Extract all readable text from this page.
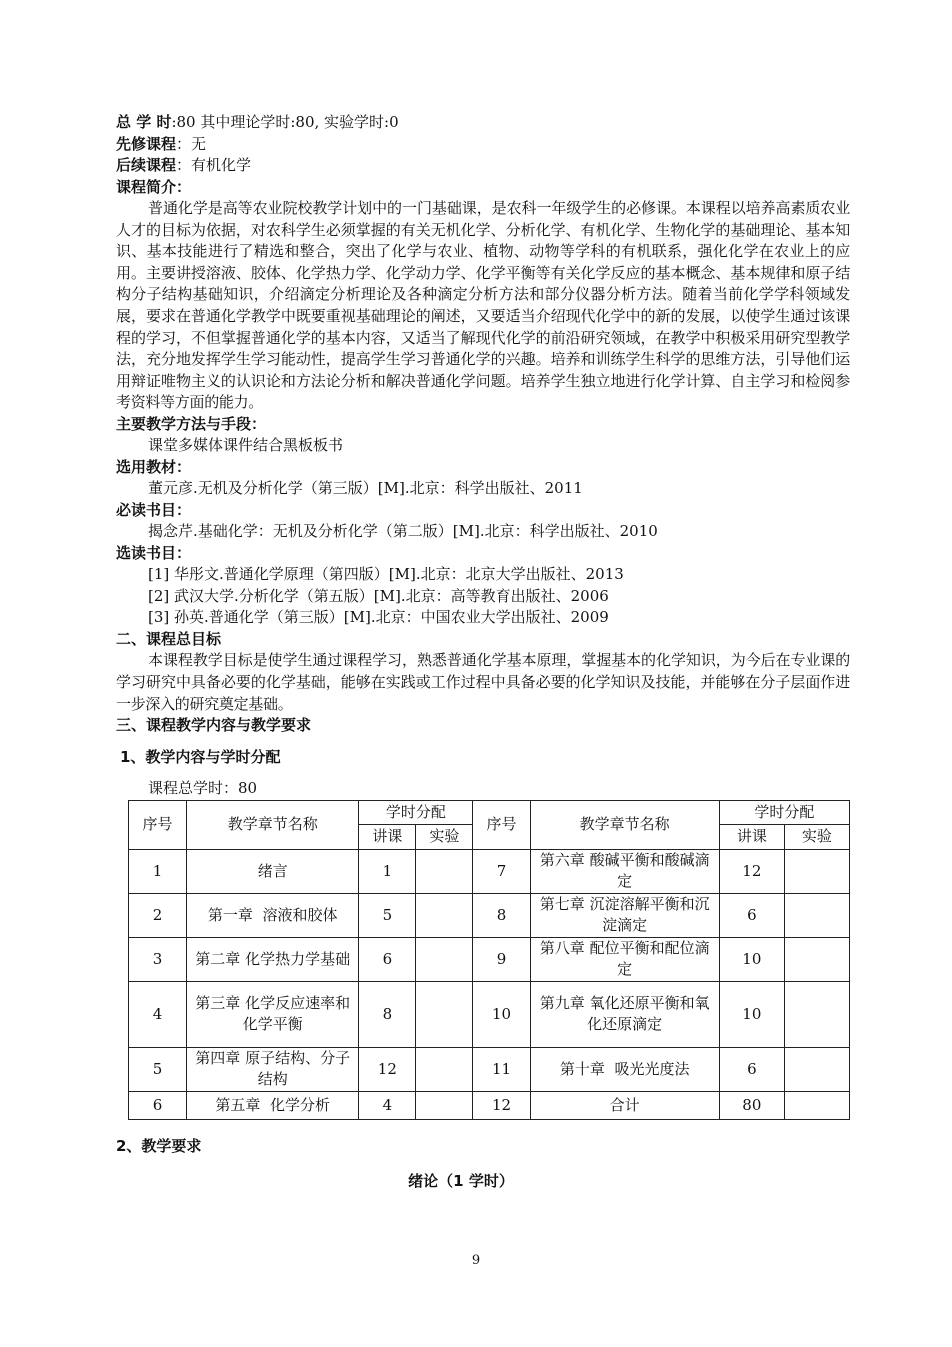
总 学 时:80 其中理论学时:80, 实验学时:0
先修课程：无
后续课程：有机化学
课程简介：
普通化学是高等农业院校教学计划中的一门基础课，是农科一年级学生的必修课。本课程以培养高素质农业人才的目标为依据，对农科学生必须掌握的有关无机化学、分析化学、有机化学、生物化学的基础理论、基本知识、基本技能进行了精选和整合，突出了化学与农业、植物、动物等学科的有机联系，强化化学在农业上的应用。主要讲授溶液、胶体、化学热力学、化学动力学、化学平衡等有关化学反应的基本概念、基本规律和原子结构分子结构基础知识，介绍滴定分析理论及各种滴定分析方法和部分仪器分析方法。随着当前化学学科领域发展，要求在普通化学教学中既要重视基础理论的阐述，又要适当介绍现代化学中的新的发展，以使学生通过该课程的学习，不但掌握普通化学的基本内容，又适当了解现代化学的前沿研究领域，在教学中积极采用研究型教学法，充分地发挥学生学习能动性，提高学生学习普通化学的兴趣。培养和训练学生科学的思维方法，引导他们运用辩证唯物主义的认识论和方法论分析和解决普通化学问题。培养学生独立地进行化学计算、自主学习和检阅参考资料等方面的能力。
主要教学方法与手段：
课堂多媒体课件结合黑板板书
选用教材：
董元彦.无机及分析化学（第三版）[M].北京：科学出版社、2011
必读书目：
揭念芹.基础化学：无机及分析化学（第二版）[M].北京：科学出版社、2010
选读书目：
[1] 华彤文.普通化学原理（第四版）[M].北京：北京大学出版社、2013
[2] 武汉大学.分析化学（第五版）[M].北京：高等教育出版社、2006
[3] 孙英.普通化学（第三版）[M].北京：中国农业大学出版社、2009
二、课程总目标
本课程教学目标是使学生通过课程学习，熟悉普通化学基本原理，掌握基本的化学知识，为今后在专业课的学习研究中具备必要的化学基础，能够在实践或工作过程中具备必要的化学知识及技能，并能够在分子层面作进一步深入的研究奠定基础。
三、课程教学内容与教学要求
1、教学内容与学时分配
课程总学时：80
序号	教学章节名称	学时分配		序号	教学章节名称	学时分配	
		讲课	实验			讲课	实验
1	绪言	1		7	第六章 酸碱平衡和酸碱滴定	12	
2	第一章 溶液和胶体	5		8	第七章 沉淀溶解平衡和沉淀滴定	6	
3	第二章 化学热力学基础	6		9	第八章 配位平衡和配位滴定	10	
4	第三章 化学反应速率和化学平衡	8		10	第九章 氧化还原平衡和氧化还原滴定	10	
5	第四章 原子结构、分子结构	12		11	第十章 吸光光度法	6	
6	第五章 化学分析	4		12	合计	80	
2、教学要求
绪论（1 学时）
9
